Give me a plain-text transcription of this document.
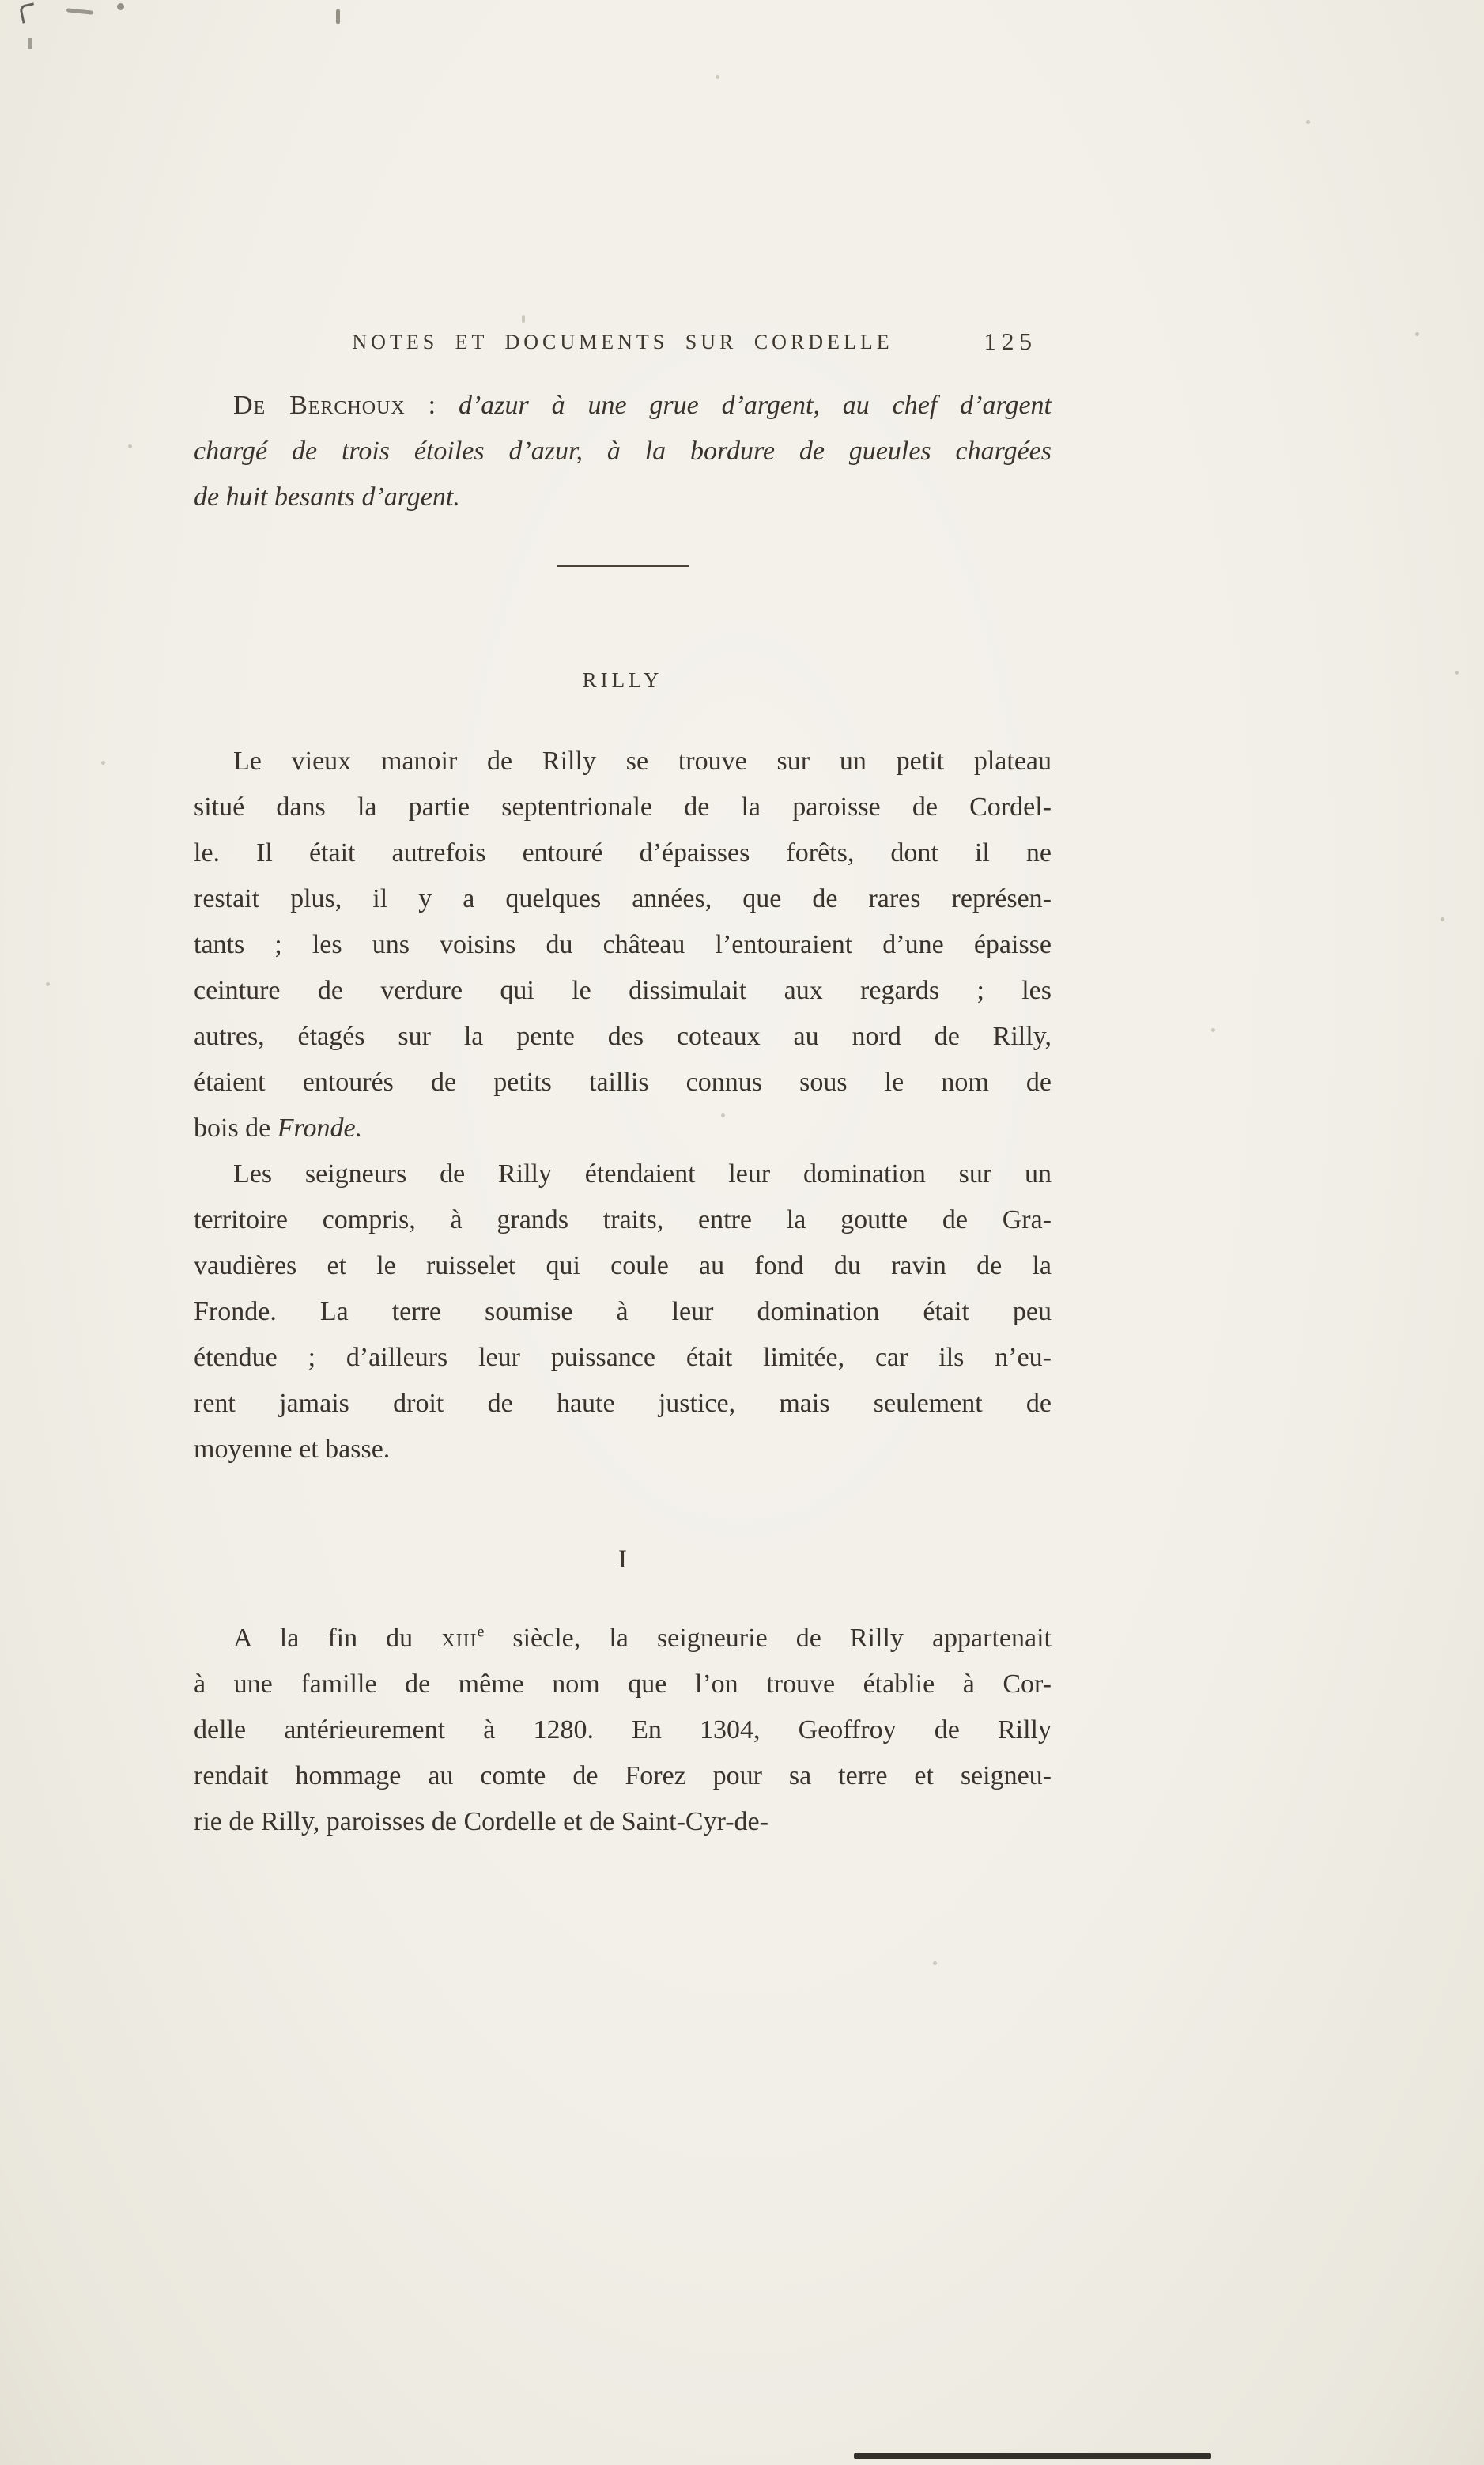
NOTES ET DOCUMENTS SUR CORDELLE	125
De Berchoux : d’azur à une grue d’argent, au chef d’argent
chargé de trois étoiles d’azur, à la bordure de gueules chargées
de huit besants d’argent.
RILLY
Le vieux manoir de Rilly se trouve sur un petit plateau
situé dans la partie septentrionale de la paroisse de Cordel-
le. Il était autrefois entouré d’épaisses forêts, dont il ne
restait plus, il y a quelques années, que de rares représen-
tants ; les uns voisins du château l’entouraient d’une épaisse
ceinture de verdure qui le dissimulait aux regards ; les
autres, étagés sur la pente des coteaux au nord de Rilly,
étaient entourés de petits taillis connus sous le nom de
bois de Fronde.
Les seigneurs de Rilly étendaient leur domination sur un
territoire compris, à grands traits, entre la goutte de Gra-
vaudières et le ruisselet qui coule au fond du ravin de la
Fronde. La terre soumise à leur domination était peu
étendue ; d’ailleurs leur puissance était limitée, car ils n’eu-
rent jamais droit de haute justice, mais seulement de
moyenne et basse.
I
A la fin du xiii$^e$ siècle, la seigneurie de Rilly appartenait
à une famille de même nom que l’on trouve établie à Cor-
delle antérieurement à 1280. En 1304, Geoffroy de Rilly
rendait hommage au comte de Forez pour sa terre et seigneu-
rie de Rilly, paroisses de Cordelle et de Saint-Cyr-de-
